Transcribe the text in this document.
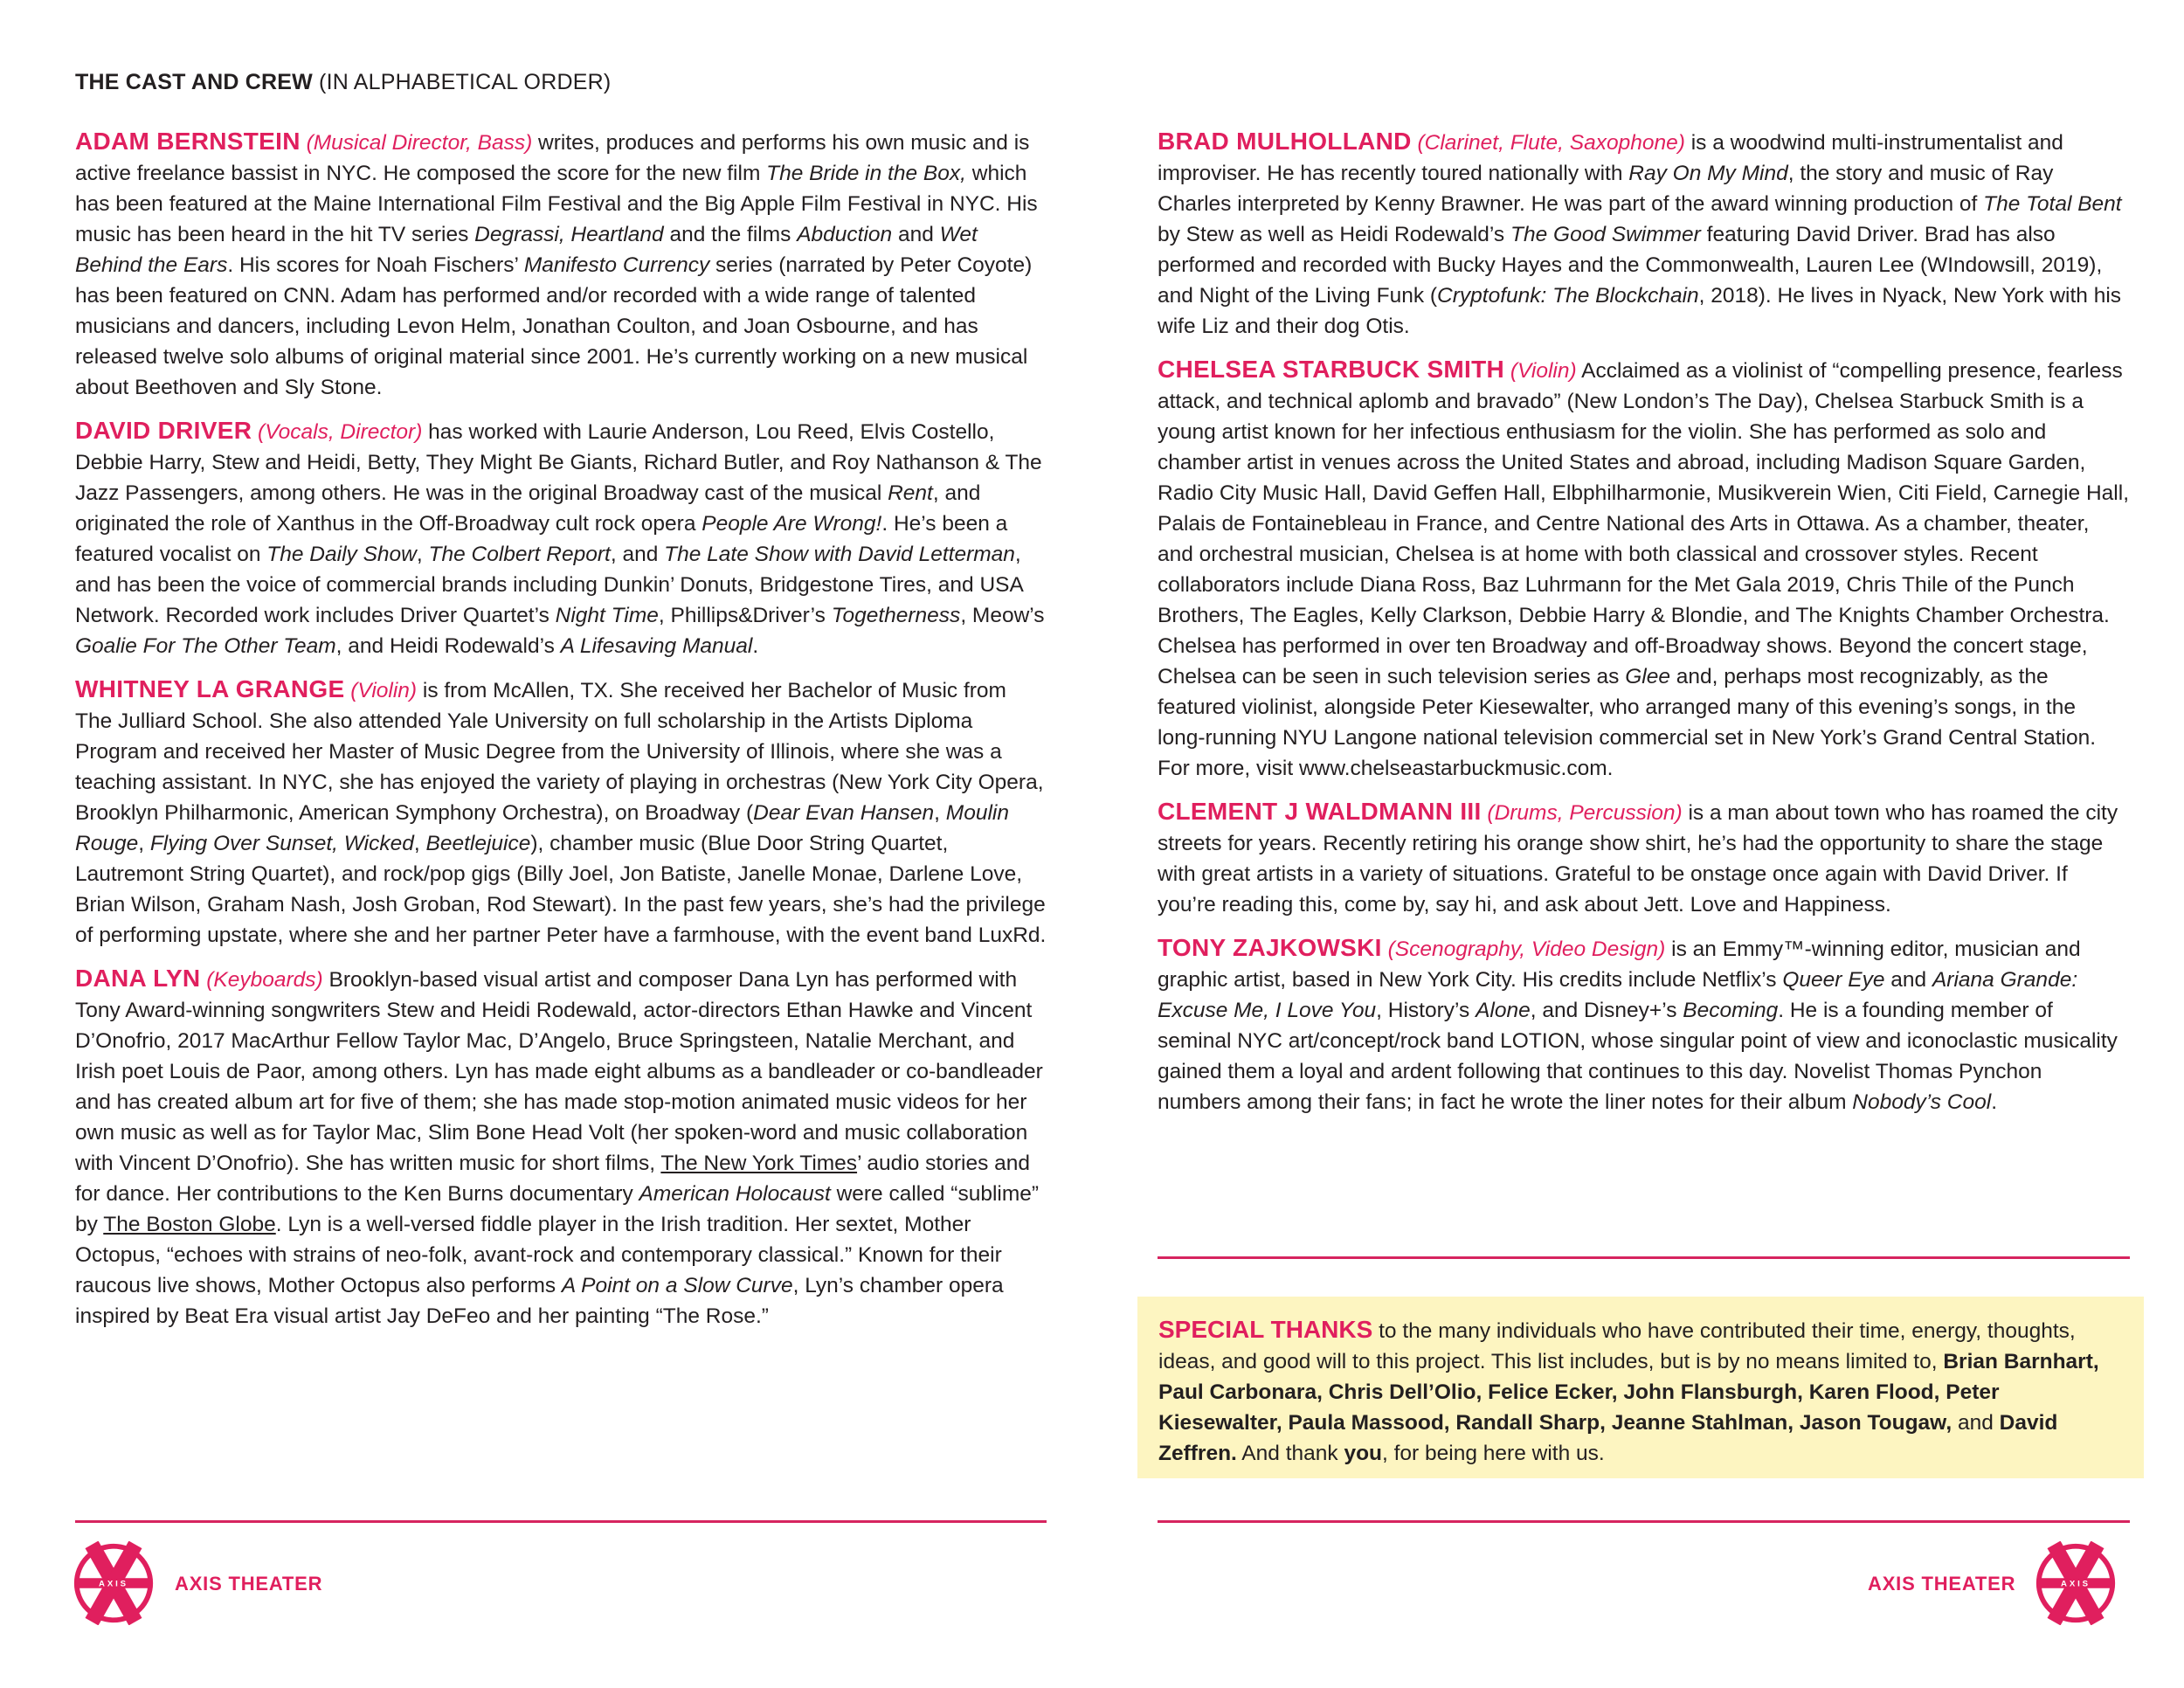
THE CAST AND CREW (IN ALPHABETICAL ORDER)

ADAM BERNSTEIN (Musical Director, Bass) writes, produces and performs his own music and is active freelance bassist in NYC. He composed the score for the new film The Bride in the Box, which has been featured at the Maine International Film Festival and the Big Apple Film Festival in NYC. His music has been heard in the hit TV series Degrassi, Heartland and the films Abduction and Wet Behind the Ears. His scores for Noah Fischers’ Manifesto Currency series (narrated by Peter Coyote) has been featured on CNN. Adam has performed and/or recorded with a wide range of talented musicians and dancers, including Levon Helm, Jonathan Coulton, and Joan Osbourne, and has released twelve solo albums of original material since 2001. He’s currently working on a new musical about Beethoven and Sly Stone.

DAVID DRIVER (Vocals, Director) has worked with Laurie Anderson, Lou Reed, Elvis Costello, Debbie Harry, Stew and Heidi, Betty, They Might Be Giants, Richard Butler, and Roy Nathanson & The Jazz Passengers, among others. He was in the original Broadway cast of the musical Rent, and originated the role of Xanthus in the Off-Broadway cult rock opera People Are Wrong!. He’s been a featured vocalist on The Daily Show, The Colbert Report, and The Late Show with David Letterman, and has been the voice of commercial brands including Dunkin’ Donuts, Bridgestone Tires, and USA Network. Recorded work includes Driver Quartet’s Night Time, Phillips&Driver’s Togetherness, Meow’s Goalie For The Other Team, and Heidi Rodewald’s A Lifesaving Manual.

WHITNEY LA GRANGE (Violin) is from McAllen, TX. She received her Bachelor of Music from The Julliard School. She also attended Yale University on full scholarship in the Artists Diploma Program and received her Master of Music Degree from the University of Illinois, where she was a teaching assistant. In NYC, she has enjoyed the variety of playing in orchestras (New York City Opera, Brooklyn Philharmonic, American Symphony Orchestra), on Broadway (Dear Evan Hansen, Moulin Rouge, Flying Over Sunset, Wicked, Beetlejuice), chamber music (Blue Door String Quartet, Lautremont String Quartet), and rock/pop gigs (Billy Joel, Jon Batiste, Janelle Monae, Darlene Love, Brian Wilson, Graham Nash, Josh Groban, Rod Stewart). In the past few years, she’s had the privilege of performing upstate, where she and her partner Peter have a farmhouse, with the event band LuxRd.

DANA LYN (Keyboards) Brooklyn-based visual artist and composer Dana Lyn has performed with Tony Award-winning songwriters Stew and Heidi Rodewald, actor-directors Ethan Hawke and Vincent D’Onofrio, 2017 MacArthur Fellow Taylor Mac, D’Angelo, Bruce Springsteen, Natalie Merchant, and Irish poet Louis de Paor, among others. Lyn has made eight albums as a bandleader or co-bandleader and has created album art for five of them; she has made stop-motion animated music videos for her own music as well as for Taylor Mac, Slim Bone Head Volt (her spoken-word and music collaboration with Vincent D’Onofrio). She has written music for short films, The New York Times’ audio stories and for dance. Her contributions to the Ken Burns documentary American Holocaust were called “sublime” by The Boston Globe. Lyn is a well-versed fiddle player in the Irish tradition. Her sextet, Mother Octopus, “echoes with strains of neo-folk, avant-rock and contemporary classical.” Known for their raucous live shows, Mother Octopus also performs A Point on a Slow Curve, Lyn’s chamber opera inspired by Beat Era visual artist Jay DeFeo and her painting “The Rose.”

BRAD MULHOLLAND (Clarinet, Flute, Saxophone) is a woodwind multi-instrumentalist and improviser. He has recently toured nationally with Ray On My Mind, the story and music of Ray Charles interpreted by Kenny Brawner. He was part of the award winning production of The Total Bent by Stew as well as Heidi Rodewald’s The Good Swimmer featuring David Driver. Brad has also performed and recorded with Bucky Hayes and the Commonwealth, Lauren Lee (WIndowsill, 2019), and Night of the Living Funk (Cryptofunk: The Blockchain, 2018). He lives in Nyack, New York with his wife Liz and their dog Otis.

CHELSEA STARBUCK SMITH (Violin) Acclaimed as a violinist of “compelling presence, fearless attack, and technical aplomb and bravado” (New London’s The Day), Chelsea Starbuck Smith is a young artist known for her infectious enthusiasm for the violin. She has performed as solo and chamber artist in venues across the United States and abroad, including Madison Square Garden, Radio City Music Hall, David Geffen Hall, Elbphilharmonie, Musikverein Wien, Citi Field, Carnegie Hall, Palais de Fontainebleau in France, and Centre National des Arts in Ottawa. As a chamber, theater, and orchestral musician, Chelsea is at home with both classical and crossover styles. Recent collaborators include Diana Ross, Baz Luhrmann for the Met Gala 2019, Chris Thile of the Punch Brothers, The Eagles, Kelly Clarkson, Debbie Harry & Blondie, and The Knights Chamber Orchestra. Chelsea has performed in over ten Broadway and off-Broadway shows. Beyond the concert stage, Chelsea can be seen in such television series as Glee and, perhaps most recognizably, as the featured violinist, alongside Peter Kiesewalter, who arranged many of this evening’s songs, in the long-running NYU Langone national television commercial set in New York’s Grand Central Station. For more, visit www.chelseastarbuckmusic.com.

CLEMENT J WALDMANN III (Drums, Percussion) is a man about town who has roamed the city streets for years. Recently retiring his orange show shirt, he’s had the opportunity to share the stage with great artists in a variety of situations. Grateful to be onstage once again with David Driver. If you’re reading this, come by, say hi, and ask about Jett. Love and Happiness.

TONY ZAJKOWSKI (Scenography, Video Design) is an Emmy™-winning editor, musician and graphic artist, based in New York City. His credits include Netflix’s Queer Eye and Ariana Grande: Excuse Me, I Love You, History’s Alone, and Disney+’s Becoming. He is a founding member of seminal NYC art/concept/rock band LOTION, whose singular point of view and iconoclastic musicality gained them a loyal and ardent following that continues to this day. Novelist Thomas Pynchon numbers among their fans; in fact he wrote the liner notes for their album Nobody’s Cool.

SPECIAL THANKS to the many individuals who have contributed their time, energy, thoughts, ideas, and good will to this project. This list includes, but is by no means limited to, Brian Barnhart, Paul Carbonara, Chris Dell’Olio, Felice Ecker, John Flansburgh, Karen Flood, Peter Kiesewalter, Paula Massood, Randall Sharp, Jeanne Stahlman, Jason Tougaw, and David Zeffren. And thank you, for being here with us.

AXIS AXIS THEATER	AXIS THEATER	AXIS
